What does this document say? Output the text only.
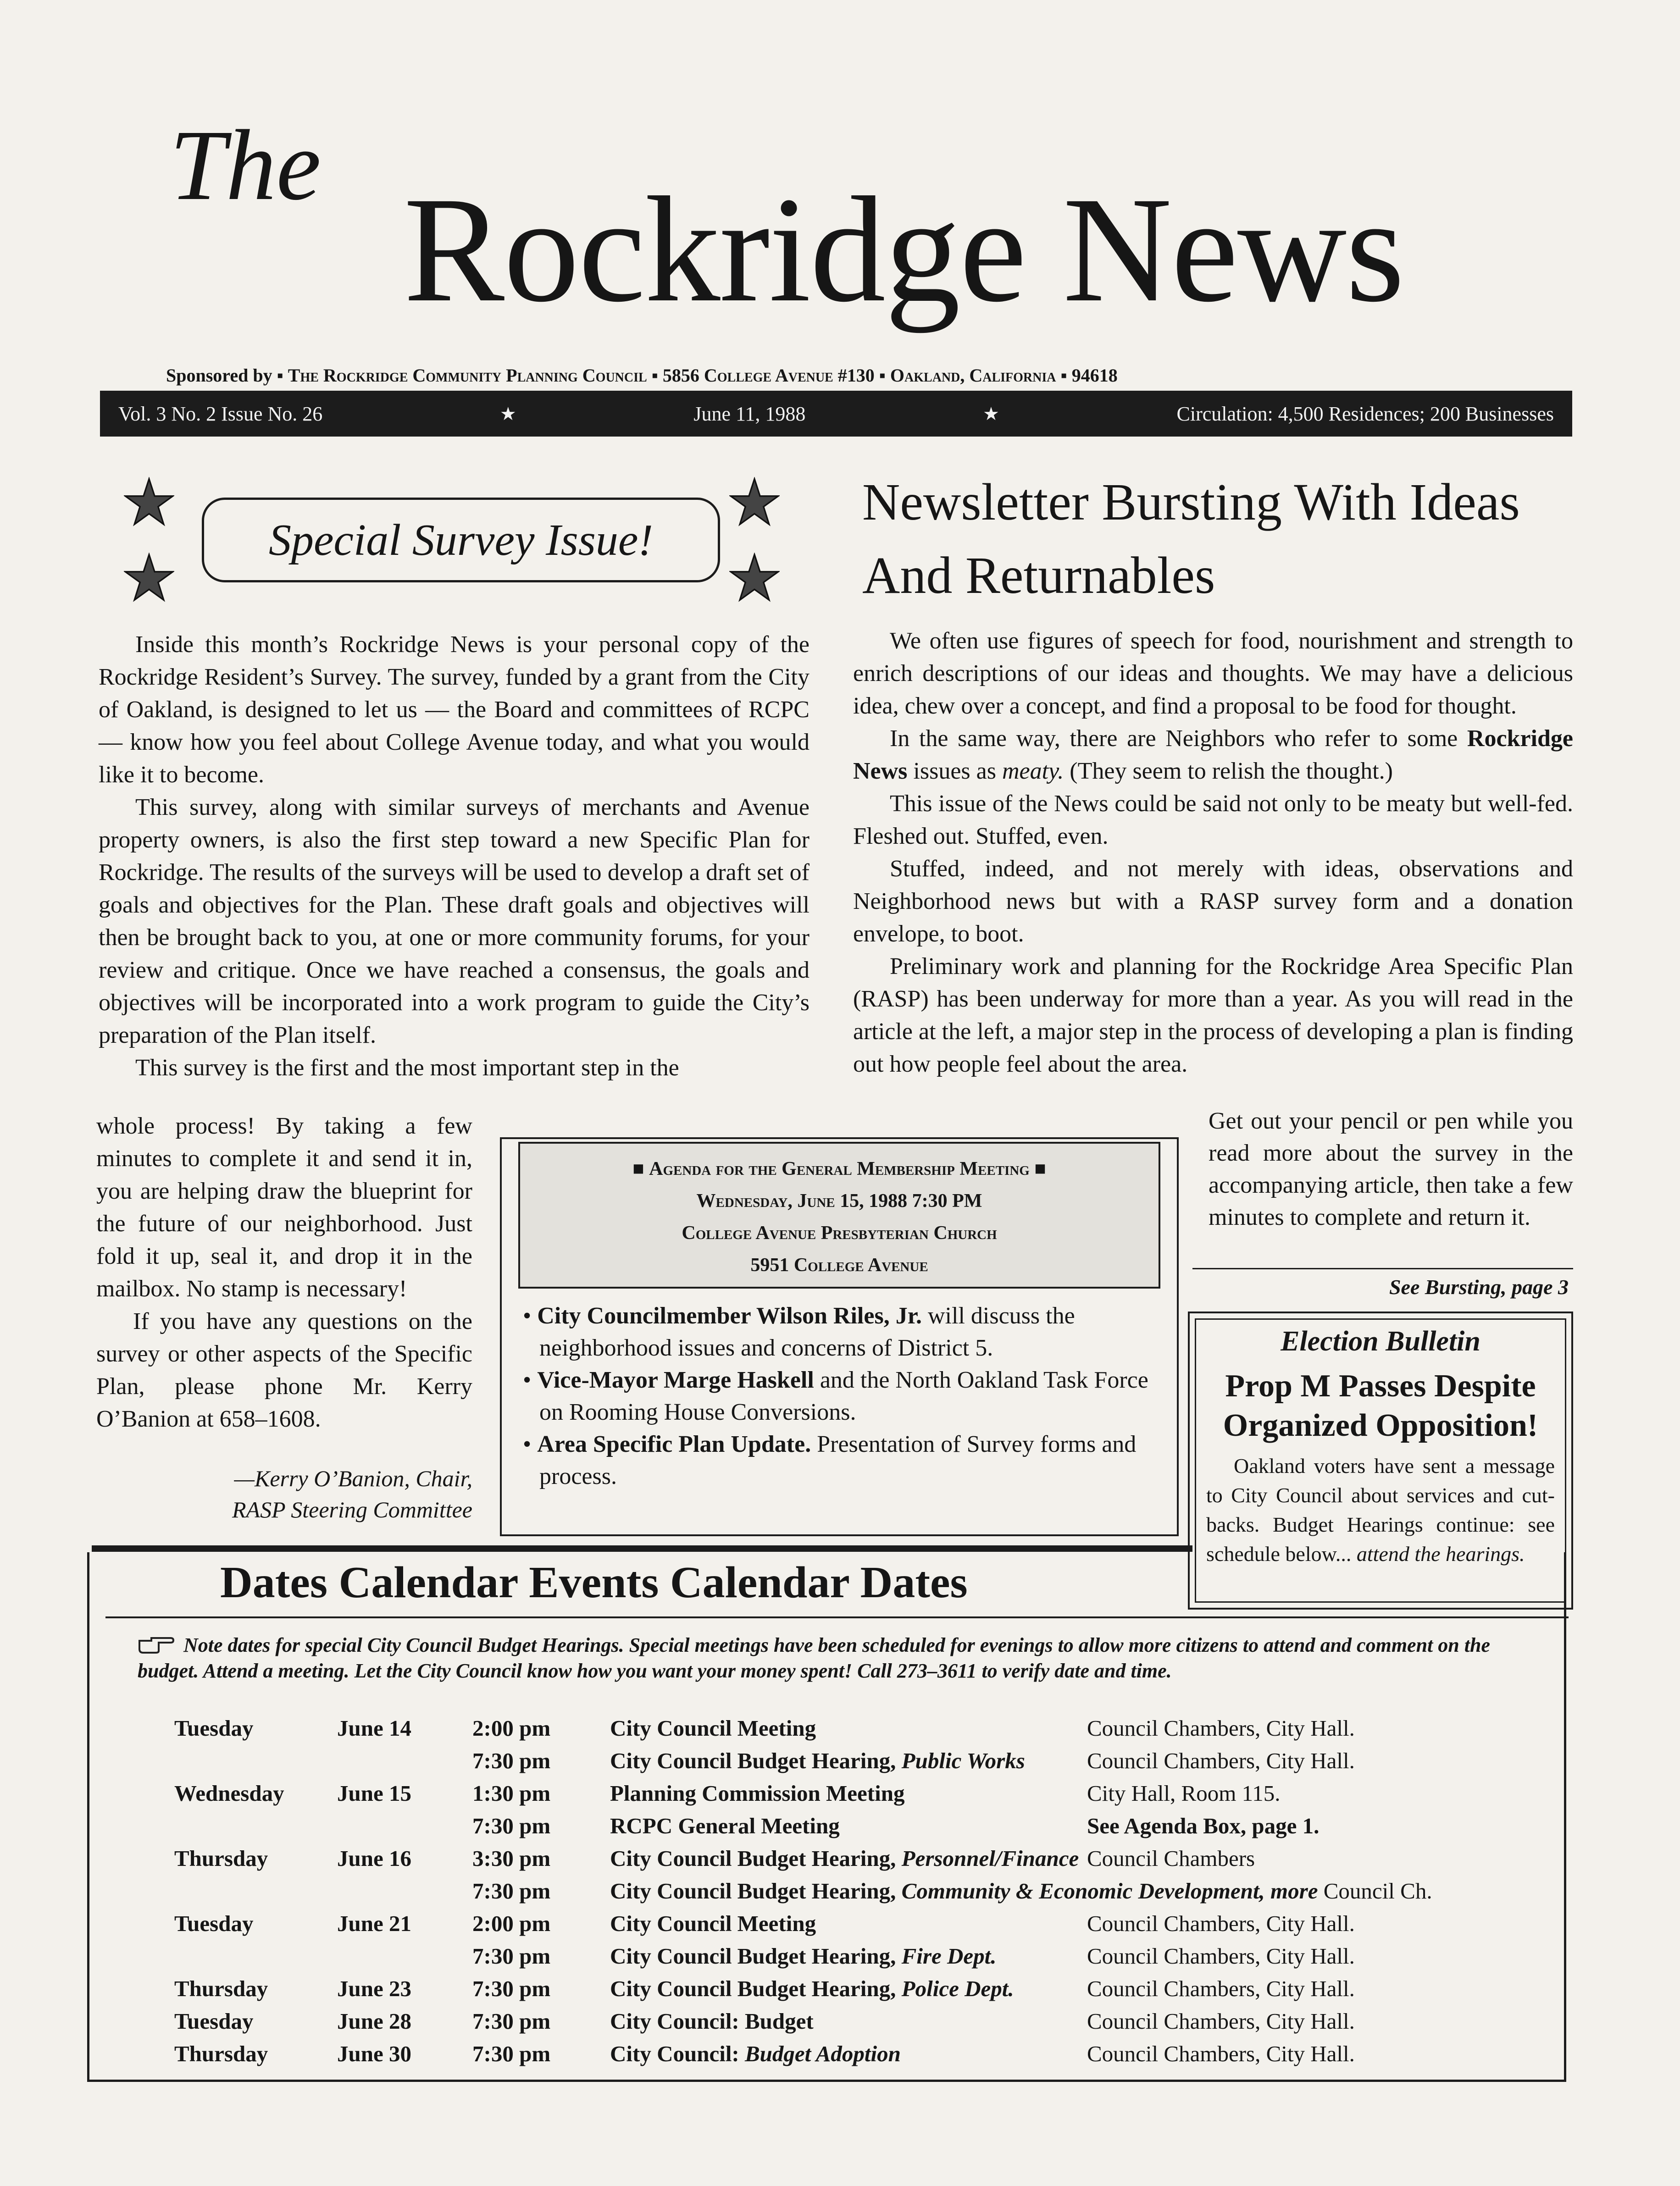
The
Rockridge News
Sponsored by ▪ The Rockridge Community Planning Council ▪ 5856 College Avenue #130 ▪ Oakland, California ▪ 94618
Vol. 3 No. 2 Issue No. 26	★	June 11, 1988	★	Circulation: 4,500 Residences; 200 Businesses
Special Survey Issue!

Inside this month’s Rockridge News is your personal copy of the Rockridge Resident’s Survey. The survey, funded by a grant from the City of Oakland, is designed to let us — the Board and committees of RCPC — know how you feel about College Avenue today, and what you would like it to become.

This survey, along with similar surveys of merchants and Avenue property owners, is also the first step toward a new Specific Plan for Rockridge. The results of the surveys will be used to develop a draft set of goals and objectives for the Plan. These draft goals and objectives will then be brought back to you, at one or more community forums, for your review and critique. Once we have reached a consensus, the goals and objectives will be incorporated into a work program to guide the City’s preparation of the Plan itself.

This survey is the first and the most important step in the

whole process! By taking a few minutes to complete it and send it in, you are helping draw the blueprint for the future of our neighborhood. Just fold it up, seal it, and drop it in the mailbox. No stamp is necessary!

If you have any questions on the survey or other aspects of the Specific Plan, please phone Mr. Kerry O’Banion at 658–1608.

—Kerry O’Banion, Chair,
RASP Steering Committee
Newsletter Bursting With Ideas And Returnables

We often use figures of speech for food, nourishment and strength to enrich descriptions of our ideas and thoughts. We may have a delicious idea, chew over a concept, and find a proposal to be food for thought.

In the same way, there are Neighbors who refer to some Rockridge News issues as meaty. (They seem to relish the thought.)

This issue of the News could be said not only to be meaty but well-fed. Fleshed out. Stuffed, even.

Stuffed, indeed, and not merely with ideas, observations and Neighborhood news but with a RASP survey form and a donation envelope, to boot.

Preliminary work and planning for the Rockridge Area Specific Plan (RASP) has been underway for more than a year. As you will read in the article at the left, a major step in the process of developing a plan is finding out how people feel about the area.

Get out your pencil or pen while you read more about the survey in the accompanying article, then take a few minutes to complete and return it.
See Bursting, page 3
■ Agenda for the General Membership Meeting ■
Wednesday, June 15, 1988 7:30 PM
College Avenue Presbyterian Church
5951 College Avenue
• City Councilmember Wilson Riles, Jr. will discuss the neighborhood issues and concerns of District 5.
• Vice-Mayor Marge Haskell and the North Oakland Task Force on Rooming House Conversions.
• Area Specific Plan Update. Presentation of Survey forms and process.
Election Bulletin
Prop M Passes Despite Organized Opposition!
Oakland voters have sent a message to City Council about services and cut-backs. Budget Hearings continue: see schedule below... attend the hearings.
Dates Calendar Events Calendar Dates
Note dates for special City Council Budget Hearings. Special meetings have been scheduled for evenings to allow more citizens to attend and comment on the budget. Attend a meeting. Let the City Council know how you want your money spent! Call 273–3611 to verify date and time.
Tuesday	June 14	2:00 pm	City Council Meeting	Council Chambers, City Hall.
		7:30 pm	City Council Budget Hearing, Public Works	Council Chambers, City Hall.
Wednesday	June 15	1:30 pm	Planning Commission Meeting	City Hall, Room 115.
		7:30 pm	RCPC General Meeting	See Agenda Box, page 1.
Thursday	June 16	3:30 pm	City Council Budget Hearing, Personnel/Finance	Council Chambers
		7:30 pm	City Council Budget Hearing, Community & Economic Development, more Council Ch.	
Tuesday	June 21	2:00 pm	City Council Meeting	Council Chambers, City Hall.
		7:30 pm	City Council Budget Hearing, Fire Dept.	Council Chambers, City Hall.
Thursday	June 23	7:30 pm	City Council Budget Hearing, Police Dept.	Council Chambers, City Hall.
Tuesday	June 28	7:30 pm	City Council: Budget	Council Chambers, City Hall.
Thursday	June 30	7:30 pm	City Council: Budget Adoption	Council Chambers, City Hall.
